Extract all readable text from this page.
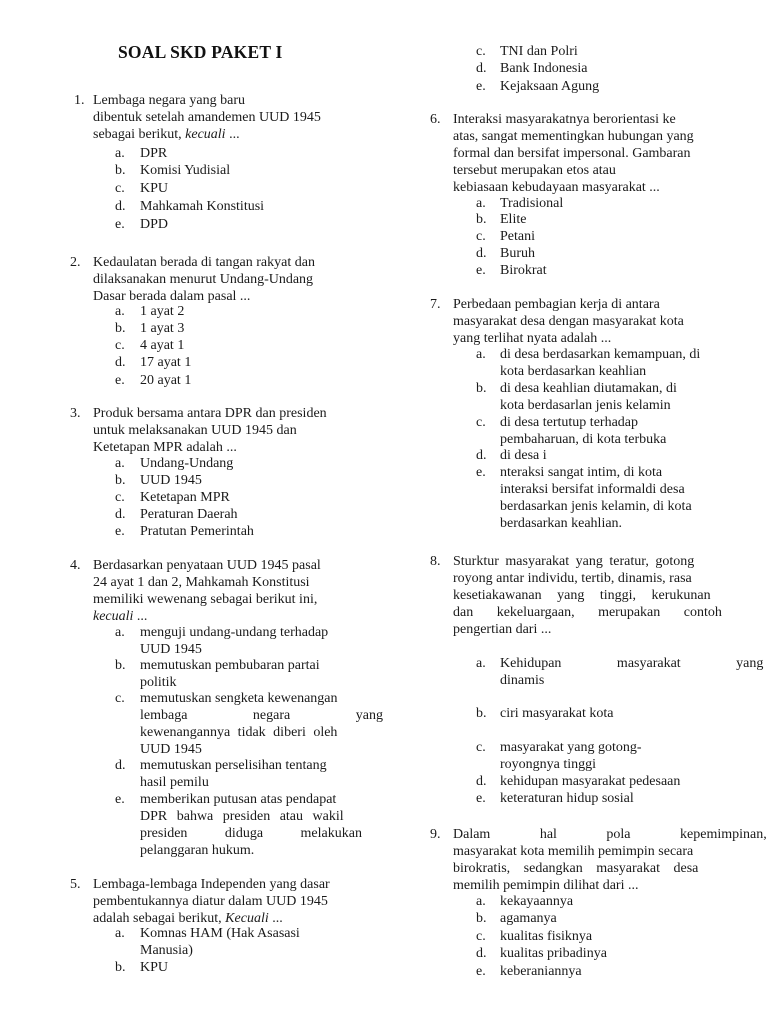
SOAL SKD PAKET I
1. Lembaga negara yang baru
dibentuk setelah amandemen UUD 1945
sebagai berikut, kecuali ...
a.	DPR
b.	Komisi Yudisial
c.	KPU
d.	Mahkamah Konstitusi
e.	DPD
2. Kedaulatan berada di tangan rakyat dan
dilaksanakan menurut Undang-Undang
Dasar berada dalam pasal ...
a.	1 ayat 2
b.	1 ayat 3
c.	4 ayat 1
d.	17 ayat 1
e.	20 ayat 1
3. Produk bersama antara DPR dan presiden
untuk melaksanakan UUD 1945 dan
Ketetapan MPR adalah ...
a.	Undang-Undang
b.	UUD 1945
c.	Ketetapan MPR
d.	Peraturan Daerah
e.	Pratutan Pemerintah
4. Berdasarkan penyataan UUD 1945 pasal
24 ayat 1 dan 2, Mahkamah Konstitusi
memiliki wewenang sebagai berikut ini,
kecuali ...
a.	menguji undang-undang terhadap
UUD 1945
b.	memutuskan pembubaran partai
politik
c.	memutuskan sengketa kewenangan
lembaga negara yang
kewenangannya tidak diberi oleh
UUD 1945
d.	memutuskan perselisihan tentang
hasil pemilu
e.	memberikan putusan atas pendapat
DPR bahwa presiden atau wakil
presiden diduga melakukan
pelanggaran hukum.
5. Lembaga-lembaga Independen yang dasar
pembentukannya diatur dalam UUD 1945
adalah sebagai berikut, Kecuali ...
a.	Komnas HAM (Hak Asasasi
Manusia)
b.	KPU
c.	TNI dan Polri
d. Bank Indonesia
e.	Kejaksaan Agung
6. Interaksi masyarakatnya berorientasi ke
atas, sangat mementingkan hubungan yang
formal dan bersifat impersonal. Gambaran
tersebut merupakan etos atau
kebiasaan kebudayaan masyarakat ...
a.	Tradisional
b. Elite
c.	Petani
d. Buruh
e.	Birokrat
7. Perbedaan pembagian kerja di antara
masyarakat desa dengan masyarakat kota
yang terlihat nyata adalah ...
a.	di desa berdasarkan kemampuan, di
kota berdasarkan keahlian
b. di desa keahlian diutamakan, di
kota berdasarlan jenis kelamin
c.	di desa tertutup terhadap
pembaharuan, di kota terbuka
d. di desa i
e.	nteraksi sangat intim, di kota
interaksi bersifat informaldi desa
berdasarkan jenis kelamin, di kota
berdasarkan keahlian.
8. Sturktur masyarakat yang teratur, gotong
royong antar individu, tertib, dinamis, rasa
kesetiakawanan yang tinggi, kerukunan
dan kekeluargaan, merupakan contoh
pengertian dari ...
a.	Kehidupan masyarakat yang
dinamis
b. ciri masyarakat kota
c.	masyarakat yang gotong-
royongnya tinggi
d. kehidupan masyarakat pedesaan
e.	keteraturan hidup sosial
9. Dalam hal pola kepemimpinan,
masyarakat kota memilih pemimpin secara
birokratis, sedangkan masyarakat desa
memilih pemimpin dilihat dari ...
a.	kekayaannya
b. agamanya
c.	kualitas fisiknya
d. kualitas pribadinya
e.	keberaniannya
